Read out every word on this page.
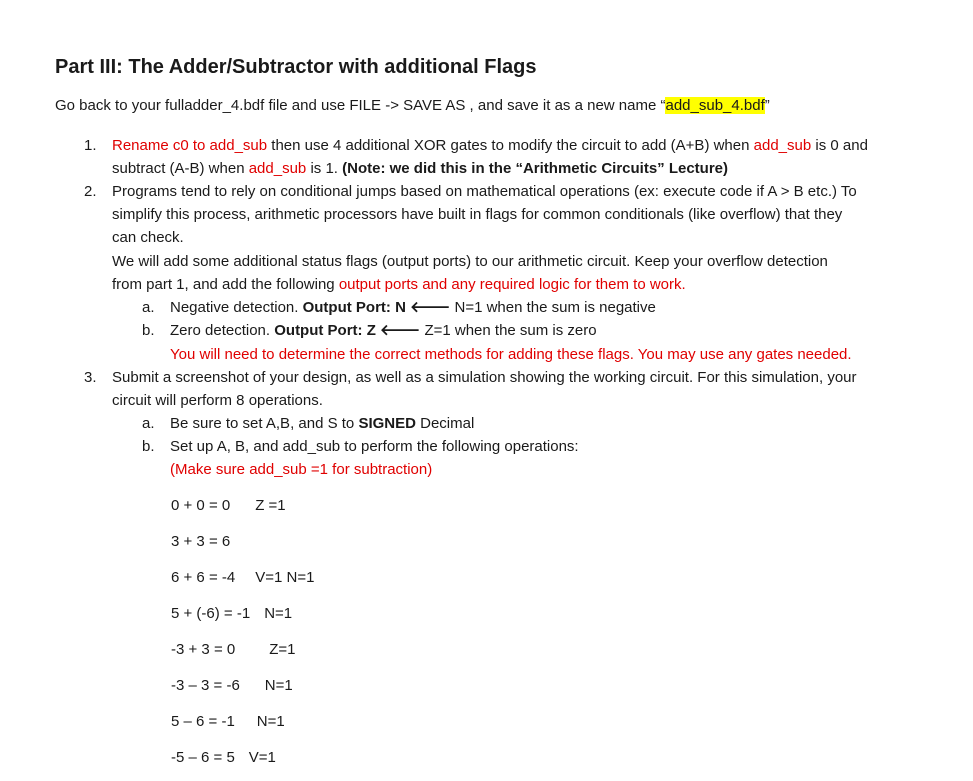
Part III: The Adder/Subtractor with additional Flags
Go back to your fulladder_4.bdf file and use FILE -> SAVE AS , and save it as a new name “add_sub_4.bdf”
1. Rename c0 to add_sub then use 4 additional XOR gates to modify the circuit to add (A+B) when add_sub is 0 and
subtract (A-B) when add_sub is 1. (Note: we did this in the “Arithmetic Circuits” Lecture)
2. Programs tend to rely on conditional jumps based on mathematical operations (ex: execute code if A > B etc.) To
simplify this process, arithmetic processors have built in flags for common conditionals (like overflow) that they
can check.
We will add some additional status flags (output ports) to our arithmetic circuit. Keep your overflow detection
from part 1, and add the following output ports and any required logic for them to work.
a. Negative detection. Output Port: N 🡐 N=1 when the sum is negative
b. Zero detection. Output Port: Z 🡐 Z=1 when the sum is zero
You will need to determine the correct methods for adding these flags. You may use any gates needed.
3. Submit a screenshot of your design, as well as a simulation showing the working circuit. For this simulation, your
circuit will perform 8 operations.
a. Be sure to set A,B, and S to SIGNED Decimal
b. Set up A, B, and add_sub to perform the following operations:
(Make sure add_sub =1 for subtraction)
0 + 0 = 0 Z =1
3 + 3 = 6
6 + 6 = -4 V=1 N=1
5 + (-6) = -1 N=1
-3 + 3 = 0 Z=1
-3 – 3 = -6 N=1
5 – 6 = -1 N=1
-5 – 6 = 5 V=1
